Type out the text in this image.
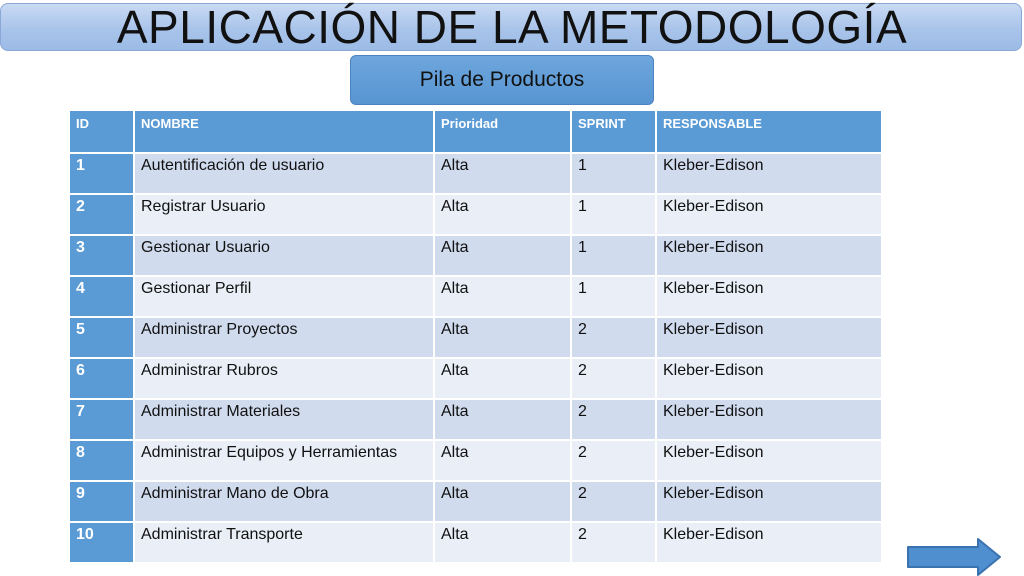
APLICACIÓN DE LA METODOLOGÍA
Pila de Productos
ID	NOMBRE	Prioridad	SPRINT	RESPONSABLE
1	Autentificación de usuario	Alta	1	Kleber-Edison
2	Registrar Usuario	Alta	1	Kleber-Edison
3	Gestionar Usuario	Alta	1	Kleber-Edison
4	Gestionar Perfil	Alta	1	Kleber-Edison
5	Administrar Proyectos	Alta	2	Kleber-Edison
6	Administrar Rubros	Alta	2	Kleber-Edison
7	Administrar Materiales	Alta	2	Kleber-Edison
8	Administrar Equipos y Herramientas	Alta	2	Kleber-Edison
9	Administrar Mano de Obra	Alta	2	Kleber-Edison
10	Administrar Transporte	Alta	2	Kleber-Edison
